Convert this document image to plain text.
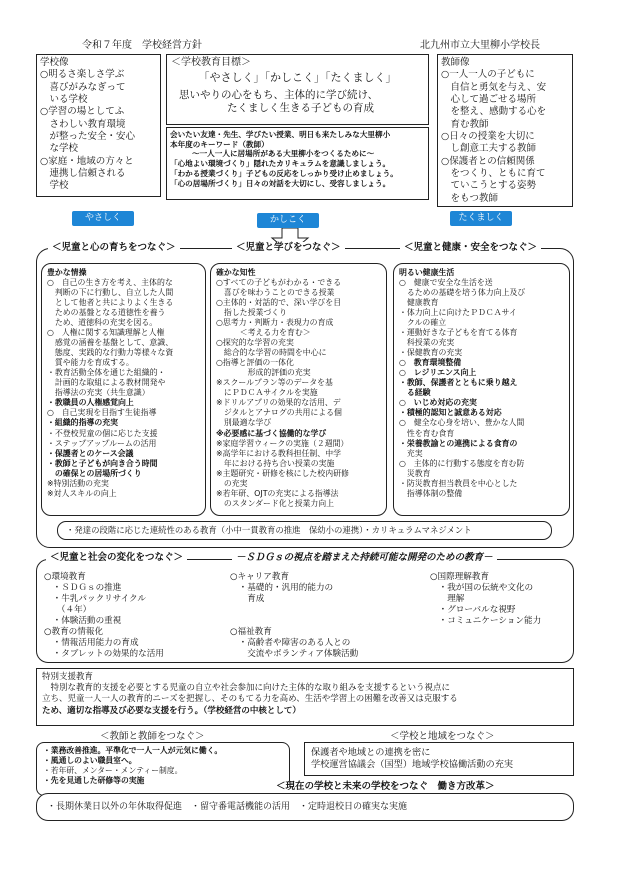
令和７年度　学校経営方針	北九州市立大里柳小学校長
学校像
○明るさ楽しさ学ぶ
　喜びがみなぎって
　いる学校
○学習の場としてふ
　さわしい教育環境
　が整った安全・安心
　な学校
○家庭・地域の方々と
　連携し信頼される
　学校
＜学校教育目標＞
「やさしく」「かしこく」「たくましく」
思いやりの心をもち、主体的に学び続け、
たくましく生きる子どもの育成
教師像
○一人一人の子どもに
　自信と勇気を与え、安
　心して過ごせる場所
　を整え、感動する心を
　育む教師
○日々の授業を大切に
　し創意工夫する教師
○保護者との信頼関係
　をつくり、ともに育て
　ていこうとする姿勢
　をもつ教師
会いたい友達・先生、学びたい授業、明日も来たしみな大里柳小
本年度のキーワード（教師）
～一人一人に居場所がある大里柳小をつくるために～
「心地よい環境づくり」隠れたカリキュラムを意識しましょう。
「わかる授業づくり」子どもの反応をしっかり受け止めましょう。
「心の居場所づくり」日々の対話を大切にし、受容しましょう。
やさしく	かしこく	たくましく
＜児童と心の育ちをつなぐ＞	＜児童と学びをつなぐ＞	＜児童と健康・安全をつなぐ＞
豊かな情操
○　自己の生き方を考え、主体的な
　判断の下に行動し、自立した人間
　として他者と共によりよく生きる
　ための基盤となる道徳性を養う
　ため、道徳科の充実を図る。
○　人権に関する知識理解と人権
　感覚の涵養を基盤として、意識、
　態度、実践的な行動力等様々な資
　質や能力を育成する。
・教育活動全体を通じた組織的・
　計画的な取組による教材開発や
　指導法の充実（共生意識）
・教職員の人権感覚向上
○　自己実現を目指す生徒指導
・組織的指導の充実
・不登校児童の個に応じた支援
・ステップアップルームの活用
・保護者とのケース会議
・教師と子どもが向き合う時間
　の確保との居場所づくり
※特別活動の充実
※対人スキルの向上
確かな知性
○すべての子どもがわかる・できる
　喜びを味わうことのできる授業
○主体的・対話的で、深い学びを目
　指した授業づくり
○思考力・判断力・表現力の育成
　　　＜考える力を育む＞
○探究的な学習の充実
　総合的な学習の時間を中心に
○指導と評価の一体化
　　　　形成的評価の充実
※スクールプラン等のデータを基
　にＰＤＣＡサイクルを実施
※ドリルアプリの効果的な活用、デ
　ジタルとアナログの共用による個
　別最適な学び
※必要感に基づく協働的な学び
※家庭学習ウィークの実施（２週間）
※高学年における教科担任制、中学
　年における持ち合い授業の実施
※主題研究・研修を核にした校内研修
　の充実
※若年研、OJTの充実による指導法
　のスタンダード化と授業力向上
明るい健康生活
○　健康で安全な生活を送
　るための基礎を培う体力向上及び
　健康教育
・体力向上に向けたＰＤＣＡサイ
　クルの確立
・運動好きな子どもを育てる体育
　科授業の充実
・保健教育の充実
○　教育環境整備
○　レジリエンス向上
・教師、保護者とともに乗り越え
　る経験
○　いじめ対応の充実
・積極的認知と誠意ある対応
○　健全な心身を培い、豊かな人間
　性を育む食育
・栄養教諭との連携による食育の
　充実
○　主体的に行動する態度を育む防
　災教育
・防災教育担当教員を中心とした
　指導体制の整備
・発達の段階に応じた連続性のある教育（小中一貫教育の推進　保幼小の連携）・カリキュラムマネジメント
＜児童と社会の変化をつなぐ＞	－ＳＤＧｓの視点を踏まえた持続可能な開発のための教育－
○環境教育
　・ＳＤＧｓの推進
　・牛乳パックリサイクル
　　（４年）
　・体験活動の重視
○教育の情報化
　・情報活用能力の育成
　・タブレットの効果的な活用
○キャリア教育
　・基礎的・汎用的能力の
　　育成

○福祉教育
　・高齢者や障害のある人との
　　交流やボランティア体験活動
○国際理解教育
　・我が国の伝統や文化の
　　理解
　・グローバルな視野
　・コミュニケーション能力
特別支援教育
　特別な教育的支援を必要とする児童の自立や社会参加に向けた主体的な取り組みを支援するという視点に
立ち、児童一人一人の教育的ニーズを把握し、そのもてる力を高め、生活や学習上の困難を改善又は克服する
ため、適切な指導及び必要な支援を行う。（学校経営の中核として）
＜教師と教師をつなぐ＞
・業務改善推進。平準化で一人一人が元気に働く。
・風通しのよい職員室へ。
・若年研、メンター・メンティー制度。
・先を見通した研修等の実施
＜学校と地域をつなぐ＞
保護者や地域との連携を密に
学校運営協議会（国型）地域学校協働活動の充実
＜現在の学校と未来の学校をつなぐ　働き方改革＞
・長期休業日以外の年休取得促進　・留守番電話機能の活用　・定時退校日の確実な実施
